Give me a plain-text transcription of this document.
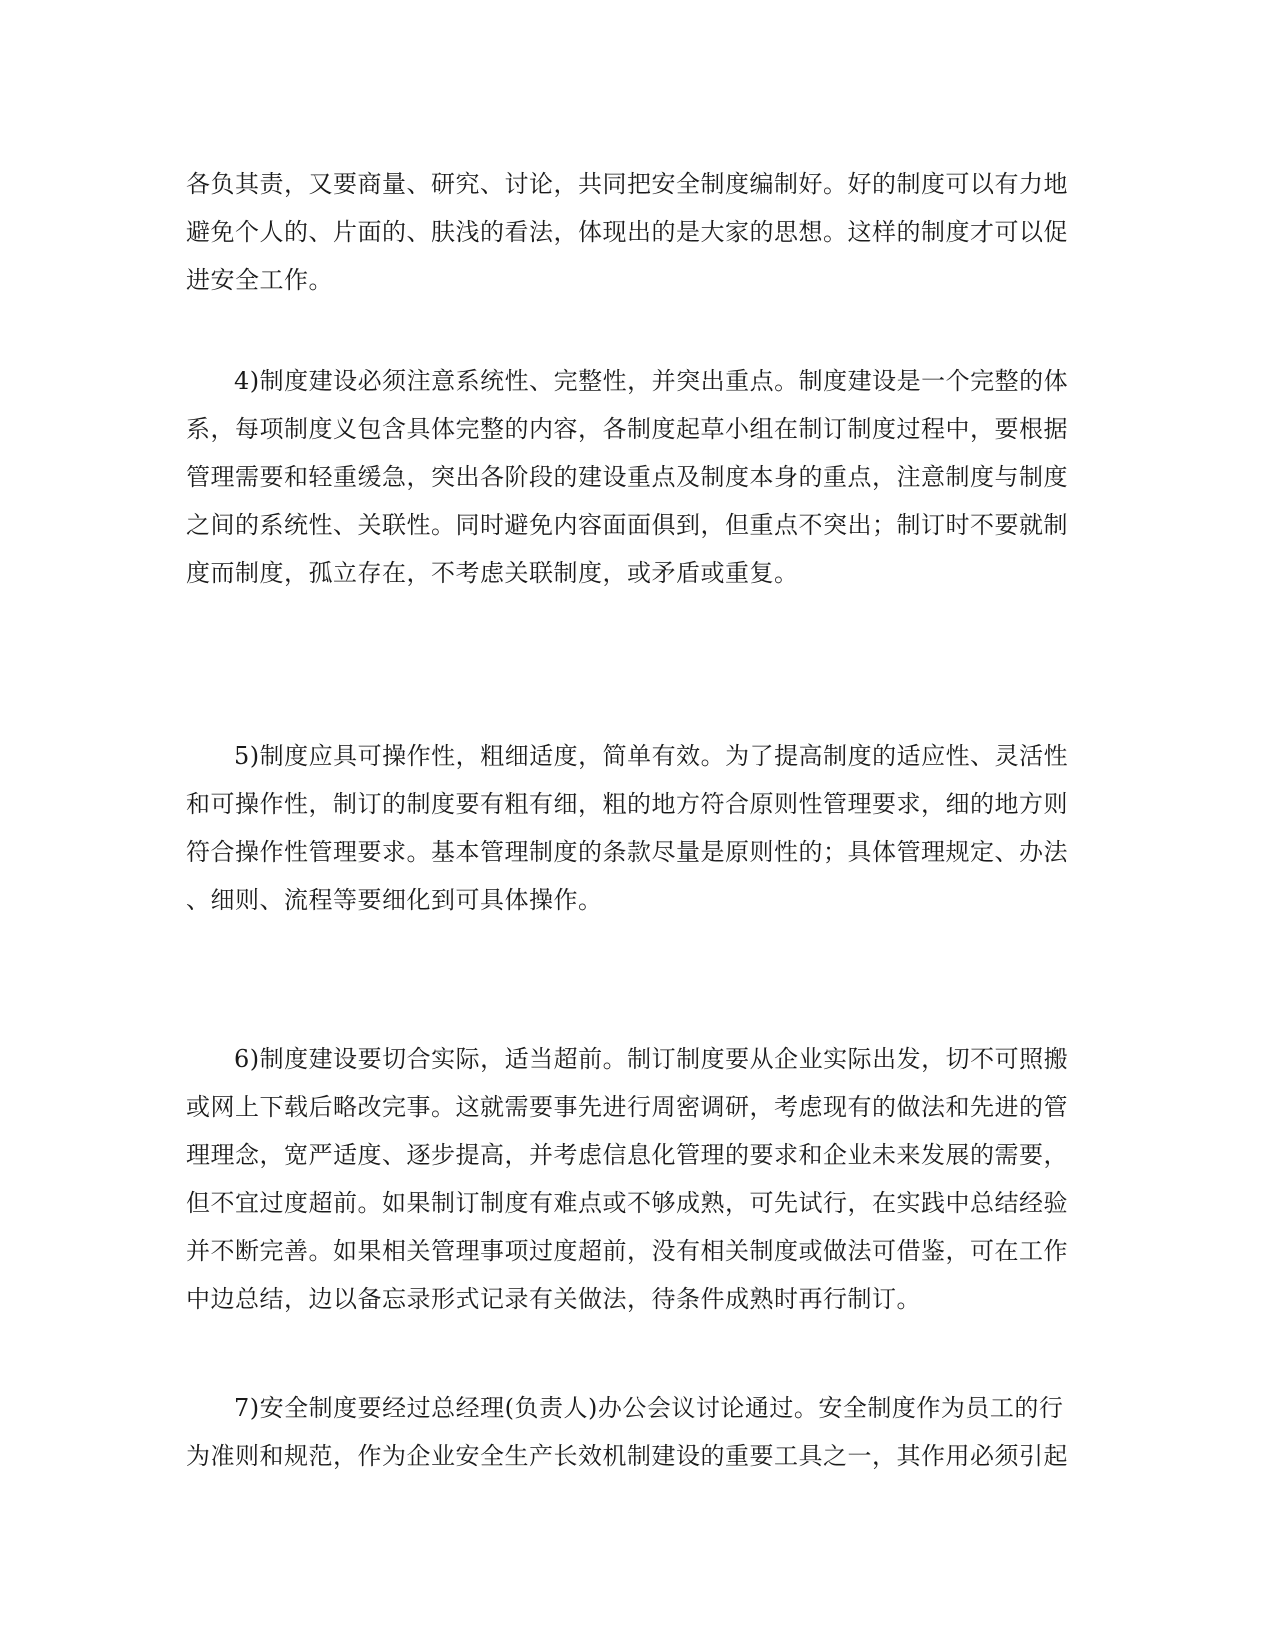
各负其责，又要商量、研究、讨论，共同把安全制度编制好。好的制度可以有力地
避免个人的、片面的、肤浅的看法，体现出的是大家的思想。这样的制度才可以促
进安全工作。
4)制度建设必须注意系统性、完整性，并突出重点。制度建设是一个完整的体
系，每项制度义包含具体完整的内容，各制度起草小组在制订制度过程中，要根据
管理需要和轻重缓急，突出各阶段的建设重点及制度本身的重点，注意制度与制度
之间的系统性、关联性。同时避免内容面面俱到，但重点不突出；制订时不要就制
度而制度，孤立存在，不考虑关联制度，或矛盾或重复。
5)制度应具可操作性，粗细适度，简单有效。为了提高制度的适应性、灵活性
和可操作性，制订的制度要有粗有细，粗的地方符合原则性管理要求，细的地方则
符合操作性管理要求。基本管理制度的条款尽量是原则性的；具体管理规定、办法
、细则、流程等要细化到可具体操作。
6)制度建设要切合实际，适当超前。制订制度要从企业实际出发，切不可照搬
或网上下载后略改完事。这就需要事先进行周密调研，考虑现有的做法和先进的管
理理念，宽严适度、逐步提高，并考虑信息化管理的要求和企业未来发展的需要，
但不宜过度超前。如果制订制度有难点或不够成熟，可先试行，在实践中总结经验
并不断完善。如果相关管理事项过度超前，没有相关制度或做法可借鉴，可在工作
中边总结，边以备忘录形式记录有关做法，待条件成熟时再行制订。
7)安全制度要经过总经理(负责人)办公会议讨论通过。安全制度作为员工的行
为准则和规范，作为企业安全生产长效机制建设的重要工具之一，其作用必须引起
